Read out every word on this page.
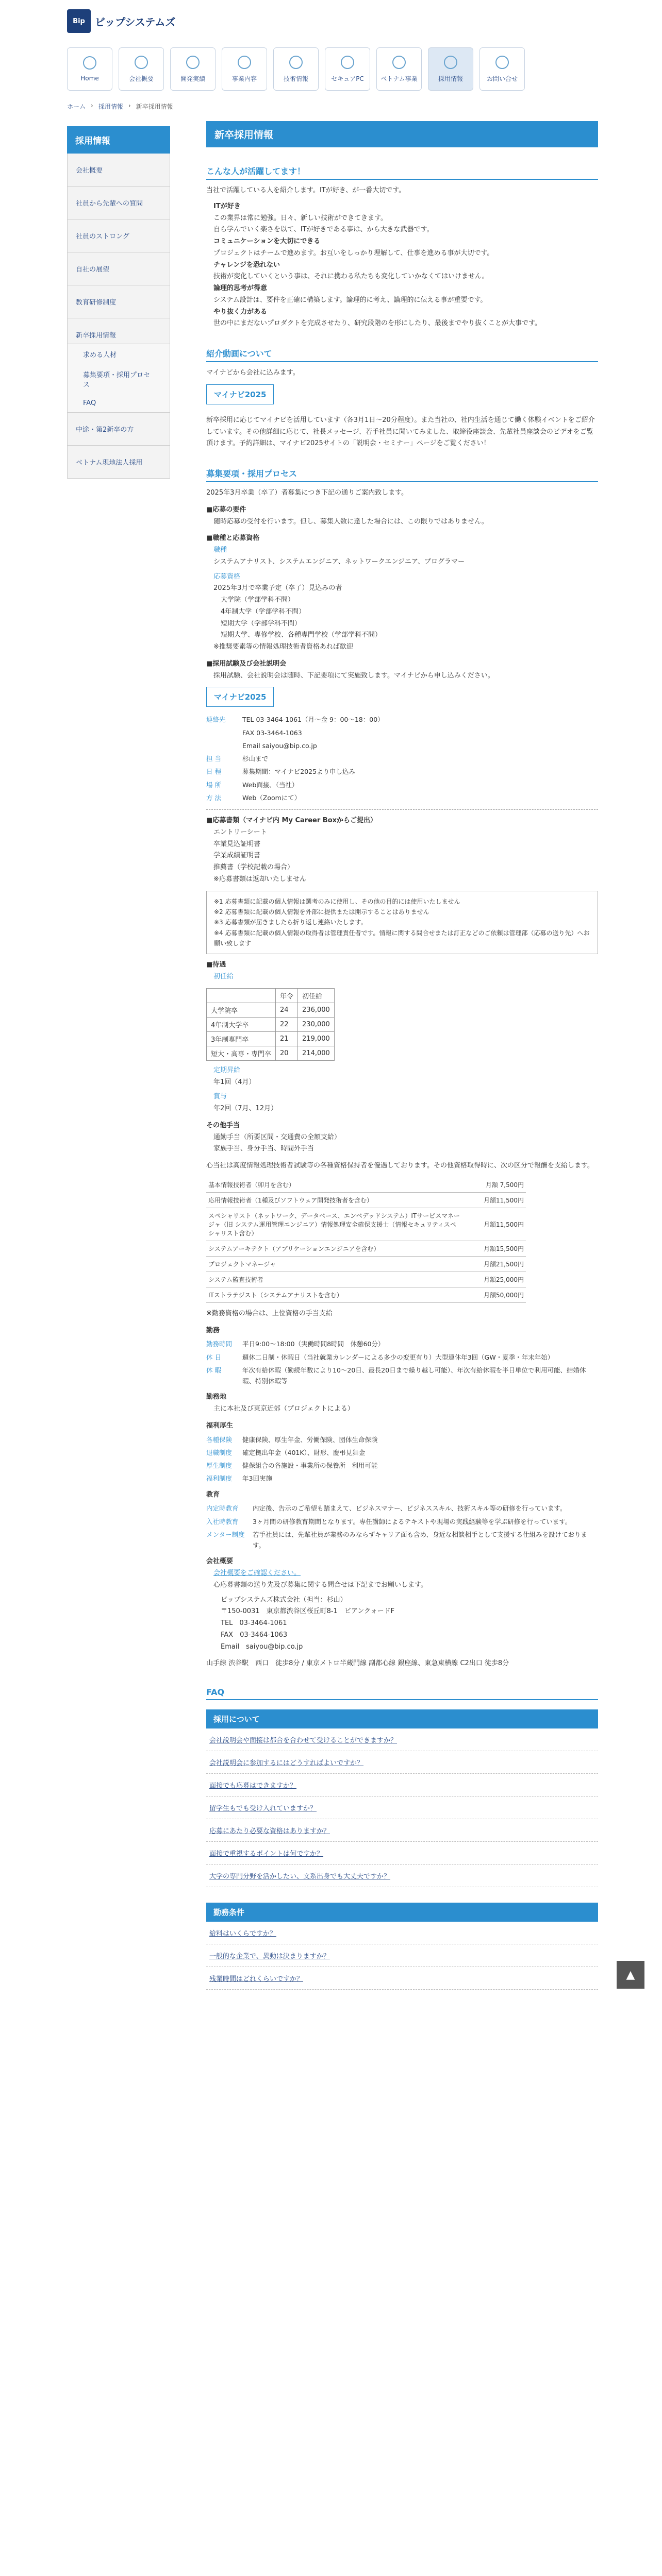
Bip ビップシステムズ
Home	会社概要	開発実績	事業内容	技術情報	セキュアPC	ベトナム事業	採用情報	お問い合せ
ホーム › 採用情報 › 新卒採用情報
採用情報
会社概要
社員から先輩への質問
社員のストロング
自社の展望
教育研修制度
新卒採用情報
求める人材
募集要項・採用プロセス
FAQ
中途・第2新卒の方
ベトナム現地法人採用
新卒採用情報
こんな人が活躍してます！
当社で活躍している人を紹介します。ITが好き、が一番大切です。
ITが好き
この業界は常に勉強。日々、新しい技術ができてきます。
自ら学んでいく楽さを以て、ITが好きである事は、から大きな武器です。
コミュニケーションを大切にできる
プロジェクトはチームで進めます。お互いをしっかり理解して、仕事を進める事が大切です。
チャレンジを恐れない
技術が変化していくという事は、それに携わる私たちも変化していかなくてはいけません。
論理的思考が得意
システム設計は、要件を正確に構築します。論理的に考え、論理的に伝える事が重要です。
やり抜く力がある
世の中にまだないプロダクトを完成させたり、研究段階のを形にしたり、最後までやり抜くことが大事です。
紹介動画について
マイナビから会社に込みます。
マイナビ2025
新卒採用に応じてマイナビを活用しています（各3月1日〜20分程度）。また当社の、社内生活を通じて働く体験イベントをご紹介しています。その他詳細に応じて、社長メッセージ、若手社員に聞いてみました、取締役座談会、先輩社員座談会のビデオをご覧頂けます。予約詳細は、マイナビ2025サイトの「説明会・セミナー」ページをご覧ください！
募集要項・採用プロセス
2025年3月卒業（卒了）者募集につき下記の通りご案内致します。
■応募の要件
随時応募の受付を行います。但し、募集人数に達した場合には、この限りではありません。
■職種と応募資格
職種
システムアナリスト、システムエンジニア、ネットワークエンジニア、プログラマー
応募資格
2025年3月で卒業予定（卒了）見込みの者
大学院（学部学科不問）
4年制大学（学部学科不問）
短期大学（学部学科不問）
短期大学、専修学校、各種専門学校（学部学科不問）
※推奨要素等の情報処理技術者資格あれば歓迎
■採用試験及び会社説明会
採用試験、会社説明会は随時、下記要項にて実施致します。マイナビから申し込みください。
マイナビ2025
連絡先	TEL 03-3464-1061（月〜金 9：00〜18：00）
FAX 03-3464-1063
Email saiyou@bip.co.jp
担 当	杉山まで
日 程	募集期間：マイナビ2025より申し込み
場 所	Web面接、（当社）
方 法	Web（Zoomにて）
■応募書類（マイナビ内 My Career Boxからご提出）
エントリーシート
卒業見込証明書
学業成績証明書
推薦書（学校記載の場合）
※応募書類は返却いたしません
※1 応募書類に記載の個人情報は選考のみに使用し、その他の目的には使用いたしません
※2 応募書類に記載の個人情報を外部に提供または開示することはありません
※3 応募書類が届きましたら折り返し連絡いたします。
※4 応募書類に記載の個人情報の取得者は管理責任者です。情報に関する問合せまたは訂正などのご依頼は管理部（応募の送り先）へお願い致します
■待遇
初任給
	年令	初任給
大学院卒	24	236,000
4年制大学卒	22	230,000
3年制専門卒	21	219,000
短大・高専・専門卒	20	214,000
定期昇給
年1回（4月）
賞与
年2回（7月、12月）
その他手当
通勤手当（所要区間・交通費の全額支給）
家族手当、身分手当、時間外手当
心当社は高度情報処理技術者試験等の各種資格保持者を優遇しております。その他資格取得時に、次の区分で報酬を支給します。
基本情報技術者（卯月を含む）	月額 7,500円
応用情報技術者（1種及びソフトウェア開発技術者を含む）	月額11,500円
スペシャリスト（ネットワーク、データベース、エンベデッドシステム）ITサービスマネージャ（旧 システム運用管理エンジニア）情報処理安全確保支援士（情報セキュリティスペシャリスト含む）	月額11,500円
システムアーキテクト（アプリケーションエンジニアを含む）	月額15,500円
プロジェクトマネージャ	月額21,500円
システム監査技術者	月額25,000円
ITストラテジスト（システムアナリストを含む）	月額50,000円
※勤務資格の場合は、上位資格の手当支給
勤務
勤務時間	平日9:00〜18:00（実働時間8時間　休憩60分）
休 日	週休二日制・休暇日（当社就業カレンダーによる多少の変更有り）大型連休年3回（GW・夏季・年末年始）
休 暇	年次有給休暇（勤続年数により10〜20日、最長20日まで繰り越し可能）、年次有給休暇を半日単位で利用可能、結婚休暇、特別休暇等
勤務地
主に本社及び東京近郊（プロジェクトによる）
福利厚生
各種保険	健康保険、厚生年金、労働保険、団体生命保険
退職制度	確定拠出年金（401K）、財形、慶弔見舞金
厚生制度	健保組合の各施設・事業所の保養所　利用可能
福利制度	年3回実施
教育
内定時教育	内定後、告示のご希望も踏まえて、ビジネスマナー、ビジネススキル、技術スキル等の研修を行っています。
入社時教育	3ヶ月間の研修教育期間となります。専任講師によるテキストや現場の実践経験等を学ぶ研修を行っています。
メンター制度	若手社員には、先輩社員が業務のみならずキャリア面も含め、身近な相談相手として支援する仕組みを設けております。
会社概要
会社概要をご確認ください。
心応募書類の送り先及び募集に関する問合せは下記までお願いします。
ビップシステムズ株式会社（担当：杉山）
〒150-0031　東京都渋谷区桜丘町8-1　ビアンクォードF
TEL　03-3464-1061
FAX　03-3464-1063
Email　saiyou@bip.co.jp
山手線 渋谷駅　西口　徒歩8分 / 東京メトロ半蔵門線 副都心線 銀座線、東急東横線 C2出口 徒歩8分
FAQ
採用について
会社説明会や面接は都合を合わせて受けることができますか？
会社説明会に参加するにはどうすればよいですか？
面接でも応募はできますか？
留学生もでも受け入れていますか？
応募にあたり必要な資格はありますか？
面接で重視するポイントは何ですか？
大学の専門分野を活かしたい、文系出身でも大丈夫ですか？
勤務条件
給料はいくらですか？
一般的な企業で、異動は決まりますか？
残業時間はどれくらいですか？	▲
